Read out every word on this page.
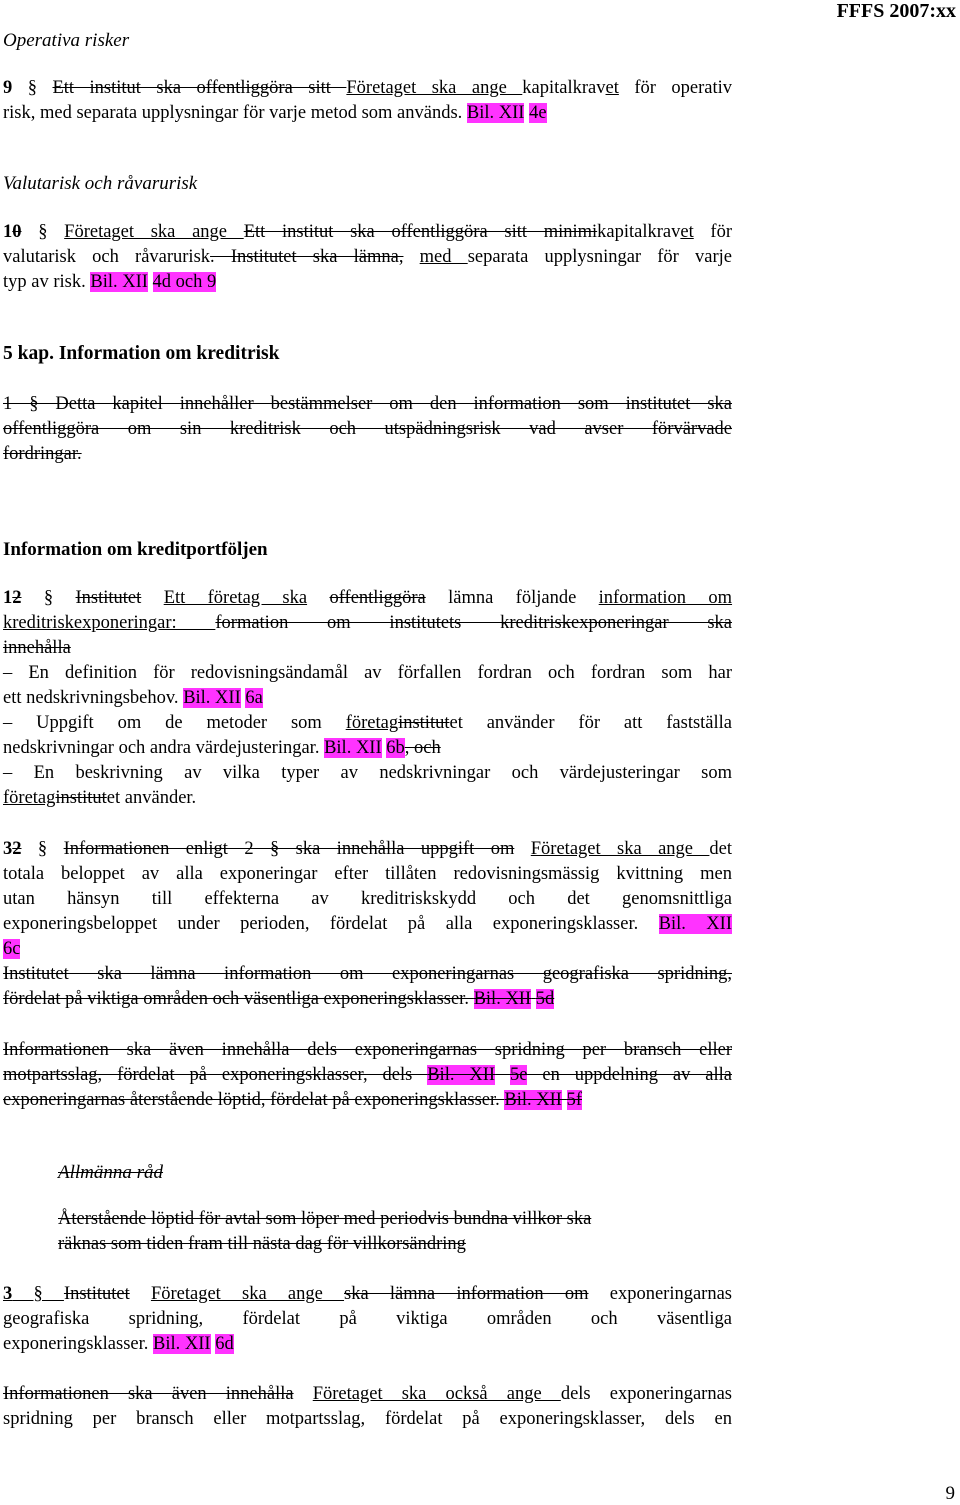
Operativa risker
FFFS 2007:xx
9 § Ett institut ska offentliggöra sitt Företaget ska ange kapitalkravet för operativ
risk, med separata upplysningar för varje metod som används. Bil. XII 4e
Valutarisk och råvarurisk
10 § Företaget ska ange Ett institut ska offentliggöra sitt minimikapitalkravet för
valutarisk och råvarurisk. Institutet ska lämna, med separata upplysningar för varje
typ av risk. Bil. XII 4d och 9
5 kap. Information om kreditrisk
1 § Detta kapitel innehåller bestämmelser om den information som institutet ska
offentliggöra om sin kreditrisk och utspädningsrisk vad avser förvärvade
fordringar.
Information om kreditportföljen
12 § Institutet Ett företag ska offentliggöra lämna följande information om
kreditriskexponeringar: formation om institutets kreditriskexponeringar ska
innehålla
– En definition för redovisningsändamål av förfallen fordran och fordran som har
ett nedskrivningsbehov. Bil. XII 6a
– Uppgift om de metoder som företaginstitutet använder för att fastställa
nedskrivningar och andra värdejusteringar. Bil. XII 6b, och
– En beskrivning av vilka typer av nedskrivningar och värdejusteringar som
företaginstitutet använder.
32 § Informationen enligt 2 § ska innehålla uppgift om Företaget ska ange det
totala beloppet av alla exponeringar efter tillåten redovisningsmässig kvittning men
utan hänsyn till effekterna av kreditriskskydd och det genomsnittliga
exponeringsbeloppet under perioden, fördelat på alla exponeringsklasser. Bil. XII
6c
Institutet ska lämna information om exponeringarnas geografiska spridning,
fördelat på viktiga områden och väsentliga exponeringsklasser. Bil. XII 5d
Informationen ska även innehålla dels exponeringarnas spridning per bransch eller
motpartsslag, fördelat på exponeringsklasser, dels Bil. XII 5e en uppdelning av alla
exponeringarnas återstående löptid, fördelat på exponeringsklasser. Bil. XII 5f
Allmänna råd
Återstående löptid för avtal som löper med periodvis bundna villkor ska
räknas som tiden fram till nästa dag för villkorsändring
3 § Institutet Företaget ska ange ska lämna information om exponeringarnas
geografiska spridning, fördelat på viktiga områden och väsentliga
exponeringsklasser. Bil. XII 6d
Informationen ska även innehålla Företaget ska också ange dels exponeringarnas
spridning per bransch eller motpartsslag, fördelat på exponeringsklasser, dels en
9
